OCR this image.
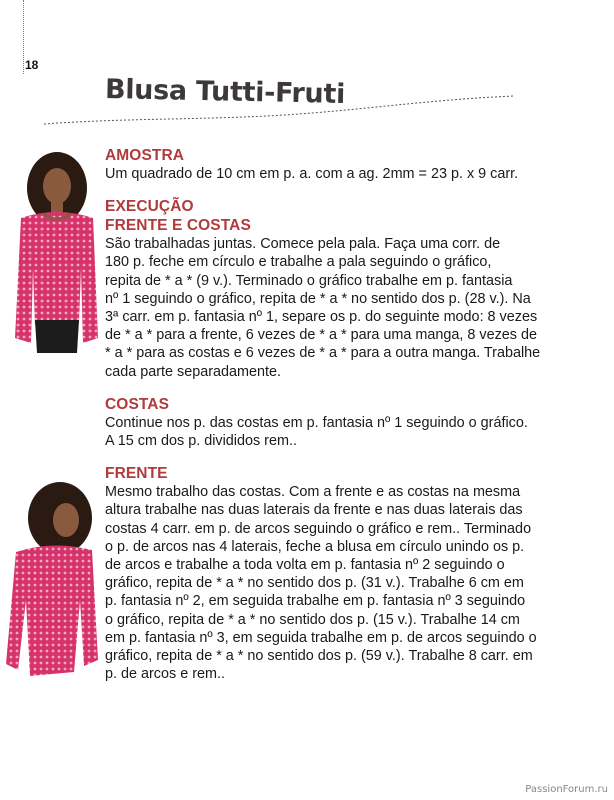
18
Blusa Tutti-Fruti
AMOSTRA

Um quadrado de 10 cm em p. a. com a ag. 2mm = 23 p. x 9 carr.

EXECUÇÃO
FRENTE E COSTAS

São trabalhadas juntas. Comece pela pala. Faça uma corr. de
180 p. feche em círculo e trabalhe a pala seguindo o gráfico,
repita de * a * (9 v.). Terminado o gráfico trabalhe em p. fantasia
nº 1 seguindo o gráfico, repita de * a * no sentido dos p. (28 v.). Na
3ª carr. em p. fantasia nº 1, separe os p. do seguinte modo: 8 vezes
de * a * para a frente, 6 vezes de * a * para uma manga, 8 vezes de
* a * para as costas e 6 vezes de * a * para a outra manga. Trabalhe
cada parte separadamente.

COSTAS

Continue nos p. das costas em p. fantasia nº 1 seguindo o gráfico.
A 15 cm dos p. divididos rem..

FRENTE

Mesmo trabalho das costas. Com a frente e as costas na mesma
altura trabalhe nas duas laterais da frente e nas duas laterais das
costas 4 carr. em p. de arcos seguindo o gráfico e rem.. Terminado
o p. de arcos nas 4 laterais, feche a blusa em círculo unindo os p.
de arcos e trabalhe a toda volta em p. fantasia nº 2 seguindo o
gráfico, repita de * a * no sentido dos p. (31 v.). Trabalhe 6 cm em
p. fantasia nº 2, em seguida trabalhe em p. fantasia nº 3 seguindo
o gráfico, repita de * a * no sentido dos p. (15 v.). Trabalhe 14 cm
em p. fantasia nº 3, em seguida trabalhe em p. de arcos seguindo o
gráfico, repita de * a * no sentido dos p. (59 v.). Trabalhe 8 carr. em
p. de arcos e rem..

PassionForum.ru
